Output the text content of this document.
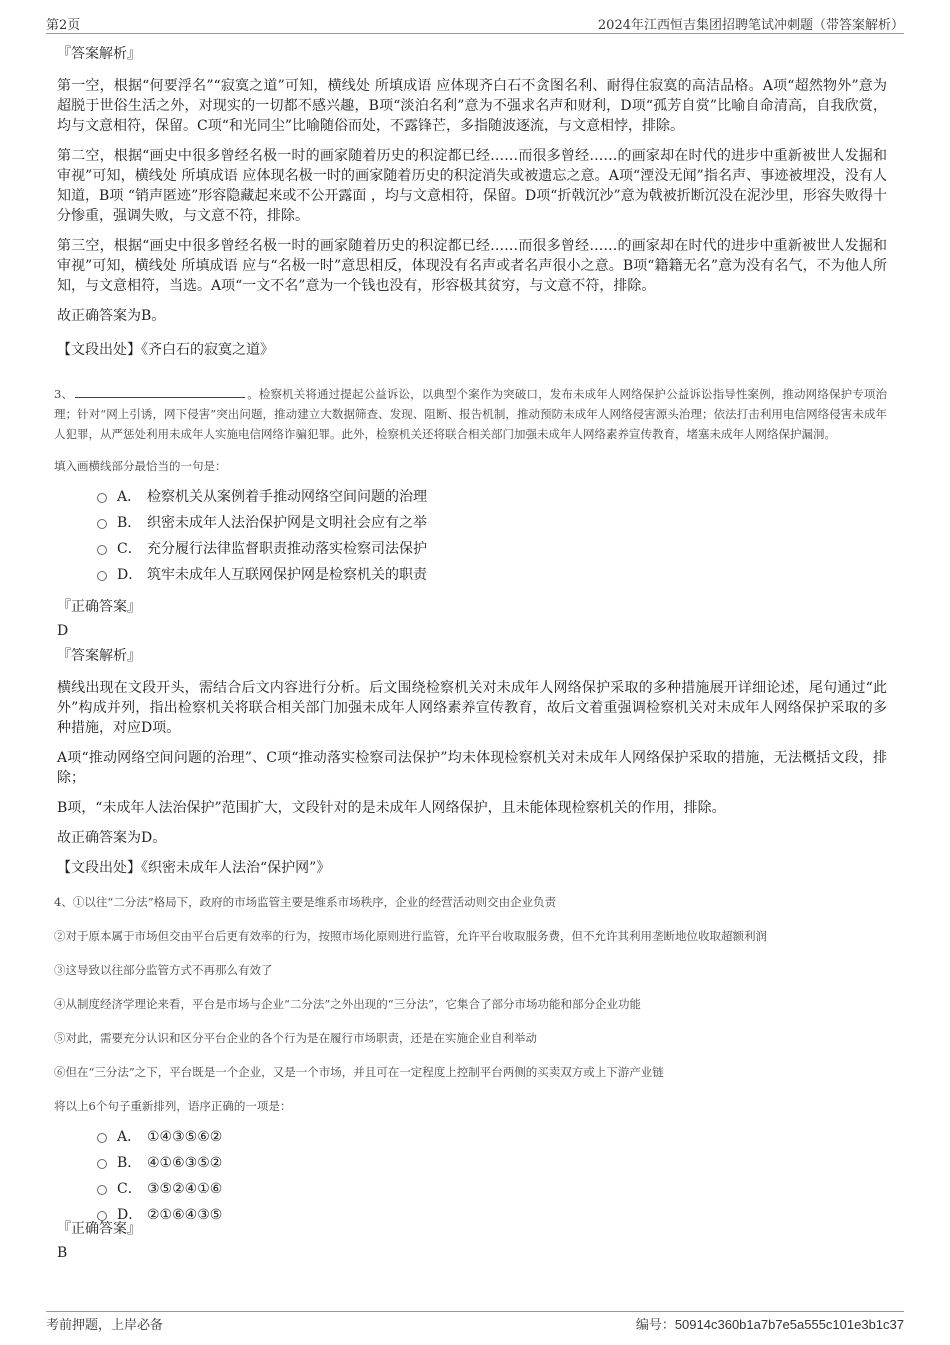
第2页	2024年江西恒吉集团招聘笔试冲刺题（带答案解析）
『答案解析』

第一空，根据“何要浮名”“寂寞之道”可知，横线处 所填成语 应体现齐白石不贪图名利、耐得住寂寞的高洁品格。A项“超然物外”意为超脱于世俗生活之外，对现实的一切都不感兴趣，B项“淡泊名利”意为不强求名声和财利，D项“孤芳自赏”比喻自命清高，自我欣赏，均与文意相符，保留。C项“和光同尘”比喻随俗而处，不露锋芒，多指随波逐流，与文意相悖，排除。

第二空，根据“画史中很多曾经名极一时的画家随着历史的积淀都已经……而很多曾经……的画家却在时代的进步中重新被世人发掘和审视”可知，横线处 所填成语 应体现名极一时的画家随着历史的积淀消失或被遗忘之意。A项“湮没无闻”指名声、事迹被埋没，没有人知道，B项 “销声匿迹”形容隐藏起来或不公开露面 ，均与文意相符，保留。D项“折戟沉沙”意为戟被折断沉没在泥沙里，形容失败得十分惨重，强调失败，与文意不符，排除。

第三空，根据“画史中很多曾经名极一时的画家随着历史的积淀都已经……而很多曾经……的画家却在时代的进步中重新被世人发掘和审视”可知，横线处 所填成语 应与“名极一时”意思相反，体现没有名声或者名声很小之意。B项“籍籍无名”意为没有名气，不为他人所知，与文意相符，当选。A项“一文不名”意为一个钱也没有，形容极其贫穷，与文意不符，排除。

故正确答案为B。

【文段出处】《齐白石的寂寞之道》

3、	。检察机关将通过提起公益诉讼，以典型个案作为突破口，发布未成年人网络保护公益诉讼指导性案例，推动网络保护专项治理；针对“网上引诱，网下侵害”突出问题，推动建立大数据筛查、发现、阻断、报告机制，推动预防未成年人网络侵害源头治理；依法打击利用电信网络侵害未成年人犯罪，从严惩处利用未成年人实施电信网络诈骗犯罪。此外，检察机关还将联合相关部门加强未成年人网络素养宣传教育，堵塞未成年人网络保护漏洞。

填入画横线部分最恰当的一句是：

A． 检察机关从案例着手推动网络空间问题的治理
B． 织密未成年人法治保护网是文明社会应有之举
C． 充分履行法律监督职责推动落实检察司法保护
D． 筑牢未成年人互联网保护网是检察机关的职责
『正确答案』
D
『答案解析』

横线出现在文段开头，需结合后文内容进行分析。后文围绕检察机关对未成年人网络保护采取的多种措施展开详细论述，尾句通过“此外”构成并列，指出检察机关将联合相关部门加强未成年人网络素养宣传教育，故后文着重强调检察机关对未成年人网络保护采取的多种措施，对应D项。

A项“推动网络空间问题的治理”、C项“推动落实检察司法保护”均未体现检察机关对未成年人网络保护采取的措施，无法概括文段，排除；

B项，“未成年人法治保护”范围扩大，文段针对的是未成年人网络保护，且未能体现检察机关的作用，排除。

故正确答案为D。

【文段出处】《织密未成年人法治“保护网”》

4、①以往“二分法”格局下，政府的市场监管主要是维系市场秩序，企业的经营活动则交由企业负责

②对于原本属于市场但交由平台后更有效率的行为，按照市场化原则进行监管，允许平台收取服务费，但不允许其利用垄断地位收取超额利润

③这导致以往部分监管方式不再那么有效了

④从制度经济学理论来看，平台是市场与企业“二分法”之外出现的“三分法”，它集合了部分市场功能和部分企业功能

⑤对此，需要充分认识和区分平台企业的各个行为是在履行市场职责，还是在实施企业自利举动

⑥但在“三分法”之下，平台既是一个企业，又是一个市场，并且可在一定程度上控制平台两侧的买卖双方或上下游产业链

将以上6个句子重新排列，语序正确的一项是：

A． ①④③⑤⑥②
B． ④①⑥③⑤②
C． ③⑤②④①⑥
D． ②①⑥④③⑤
『正确答案』
B
考前押题，上岸必备	编号：50914c360b1a7b7e5a555c101e3b1c37
